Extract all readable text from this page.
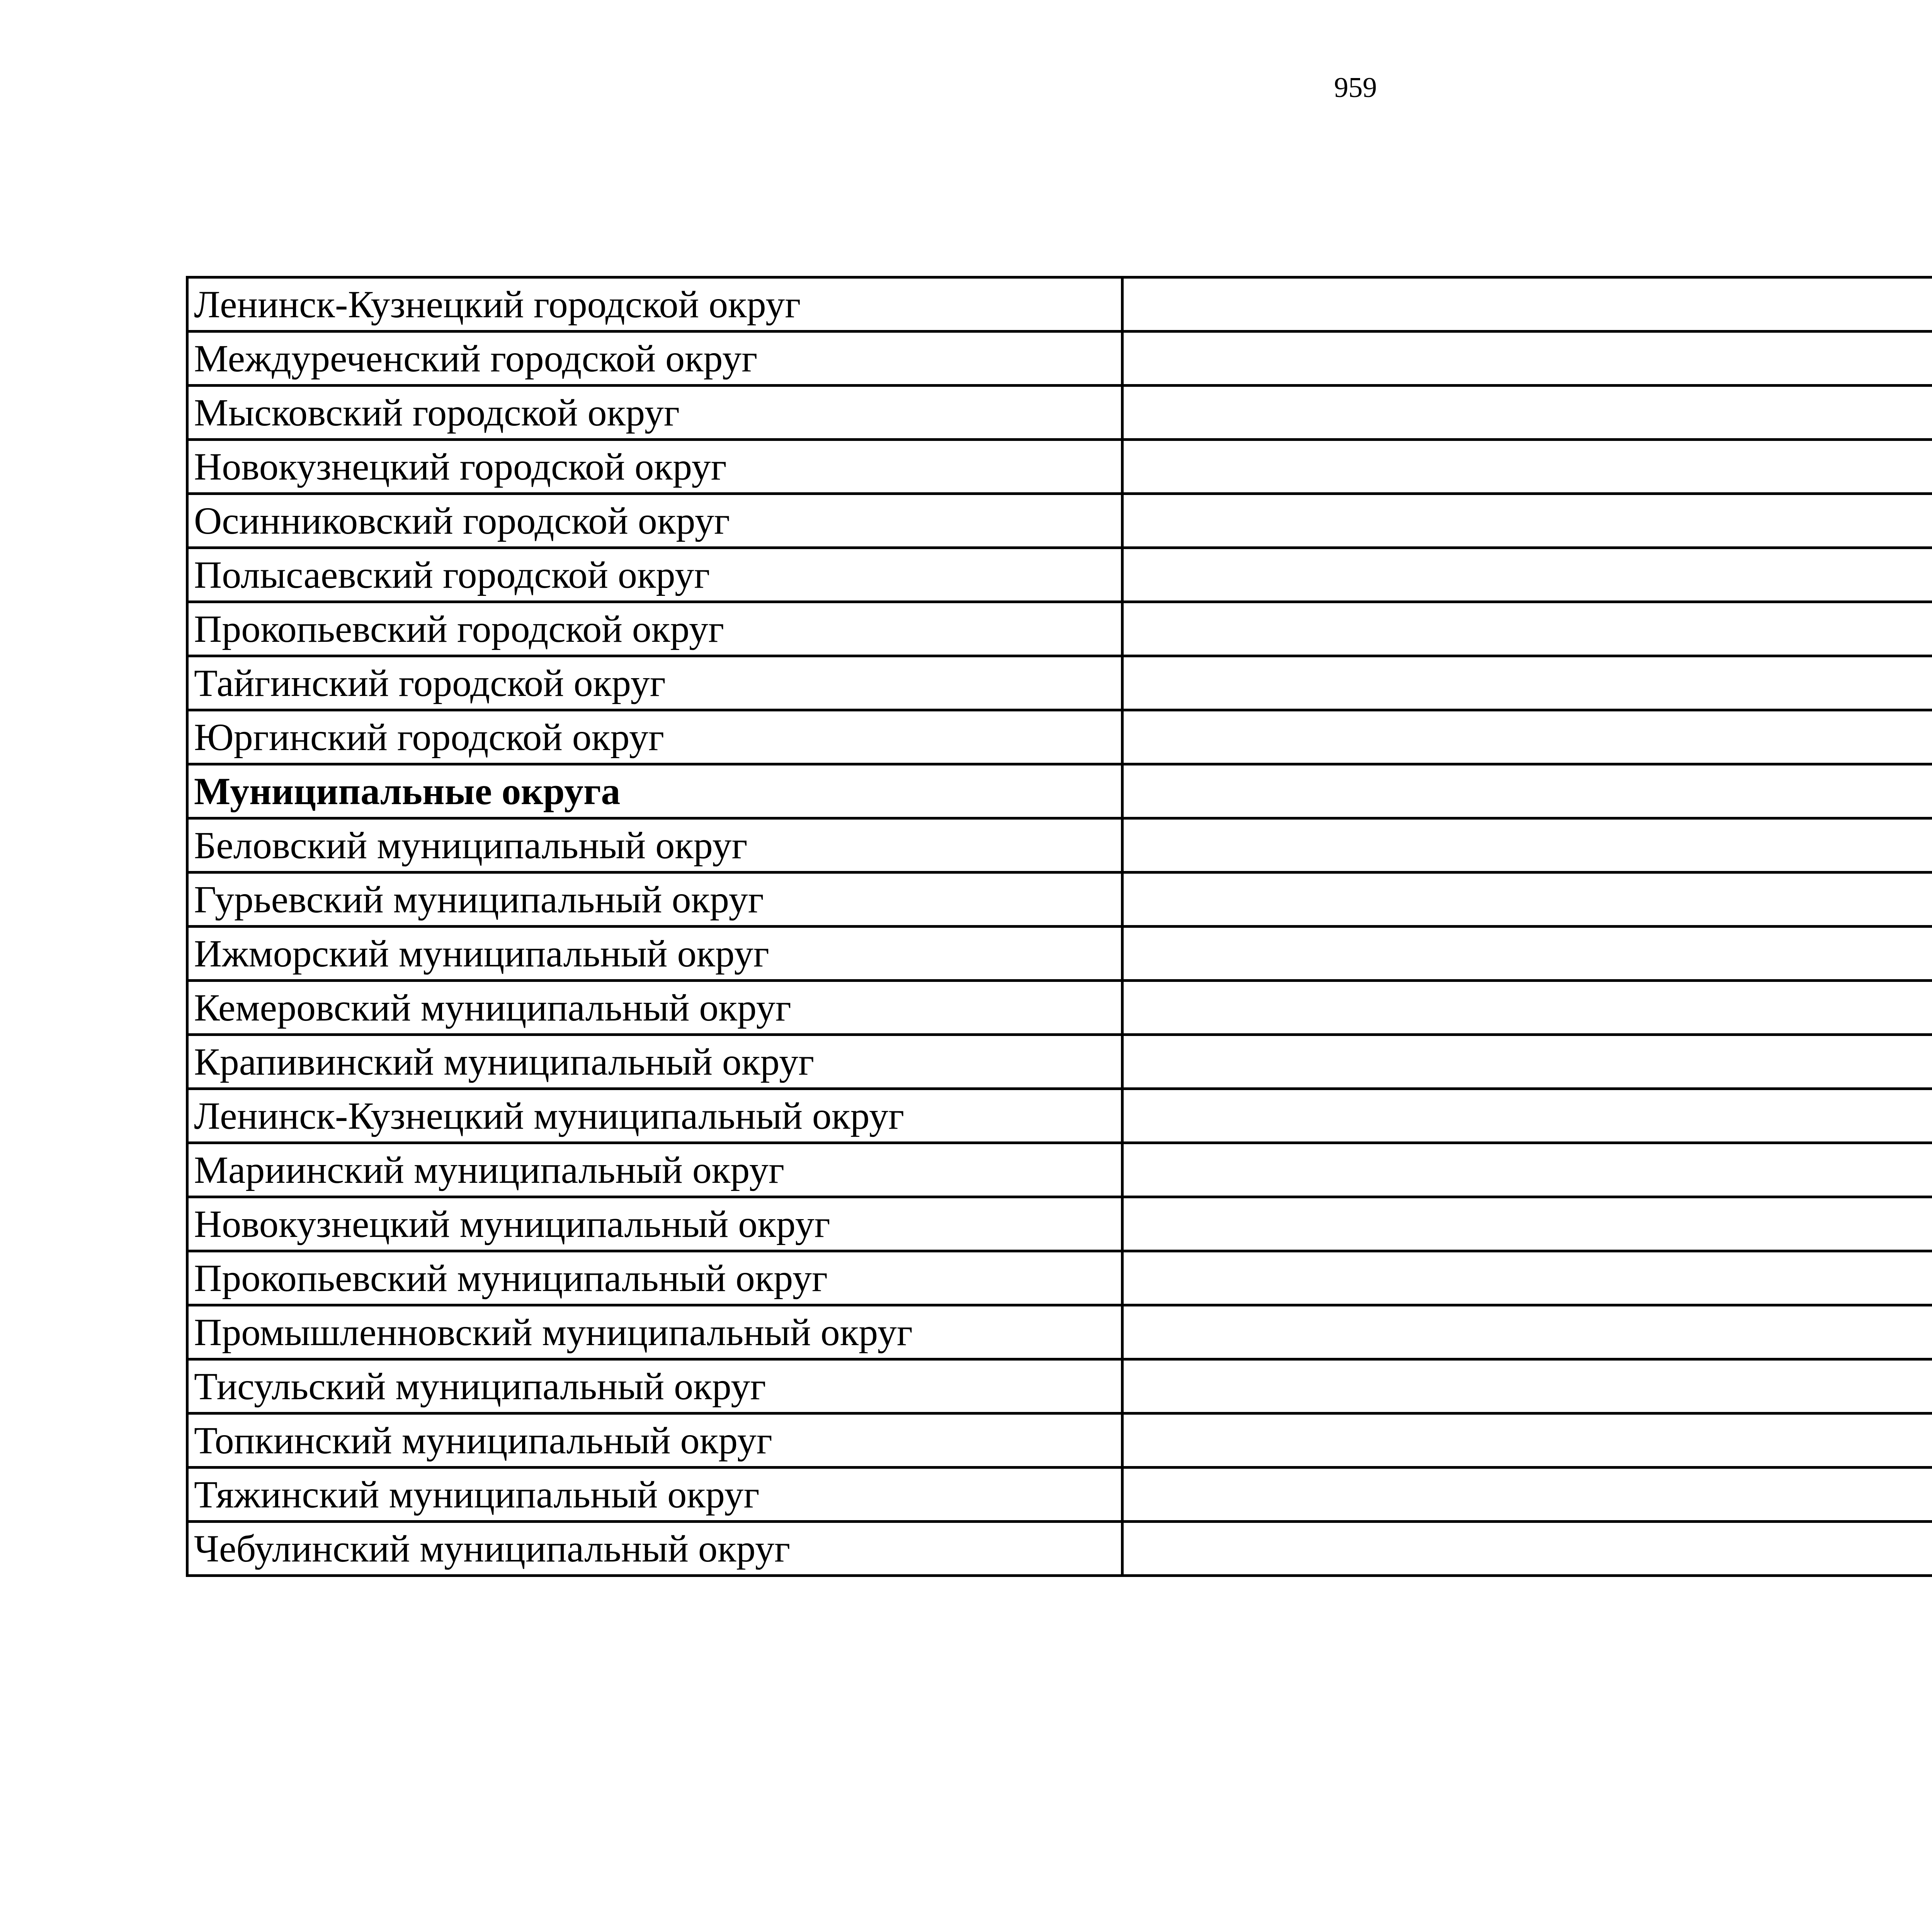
959
Ленинск-Кузнецкий городской округ	
Междуреченский городской округ	
Мысковский городской округ	
Новокузнецкий городской округ	
Осинниковский городской округ	
Полысаевский городской округ	
Прокопьевский городской округ	
Тайгинский городской округ	
Юргинский городской округ	
Муниципальные округа	
Беловский муниципальный округ	
Гурьевский муниципальный округ	
Ижморский муниципальный округ	
Кемеровский муниципальный округ	
Крапивинский муниципальный округ	
Ленинск-Кузнецкий муниципальный округ	
Мариинский муниципальный округ	
Новокузнецкий муниципальный округ	
Прокопьевский муниципальный округ	
Промышленновский муниципальный округ	
Тисульский муниципальный округ	
Топкинский муниципальный округ	
Тяжинский муниципальный округ	
Чебулинский муниципальный округ	
